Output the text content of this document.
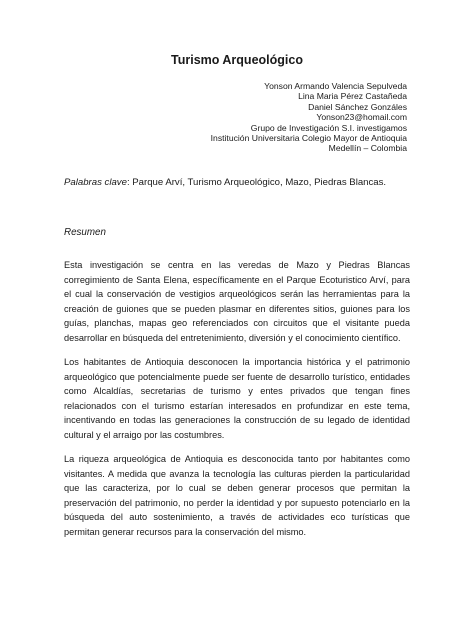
Turismo Arqueológico
Yonson Armando Valencia Sepulveda
Lina Maria Pérez Castañeda
Daniel Sánchez Gonzáles
Yonson23@homail.com
Grupo de Investigación S.I. investigamos
Institución Universitaria Colegio Mayor de Antioquia
Medellín – Colombia
Palabras clave: Parque Arví, Turismo Arqueológico, Mazo, Piedras Blancas.
Resumen
Esta investigación se centra en las veredas de Mazo y Piedras Blancas corregimiento de Santa Elena, específicamente en el Parque Ecoturistico Arví, para el cual la conservación de vestigios arqueológicos serán las herramientas para la creación de guiones que se pueden plasmar en diferentes sitios, guiones para los guías, planchas, mapas geo referenciados con circuitos que el visitante pueda desarrollar en búsqueda del entretenimiento, diversión y el conocimiento científico.
Los habitantes de Antioquia desconocen la importancia histórica y el patrimonio arqueológico que potencialmente puede ser fuente de desarrollo turístico, entidades como Alcaldías, secretarias de turismo y entes privados que tengan fines relacionados con el turismo estarían interesados en profundizar en este tema, incentivando en todas las generaciones la construcción de su legado de identidad cultural y el arraigo por las costumbres.
La riqueza arqueológica de Antioquia es desconocida tanto por habitantes como visitantes. A medida que avanza la tecnología las culturas pierden la particularidad que las caracteriza, por lo cual se deben generar procesos que permitan la preservación del patrimonio, no perder la identidad y por supuesto potenciarlo en la búsqueda del auto sostenimiento, a través de actividades eco turísticas que permitan generar recursos para la conservación del mismo.
